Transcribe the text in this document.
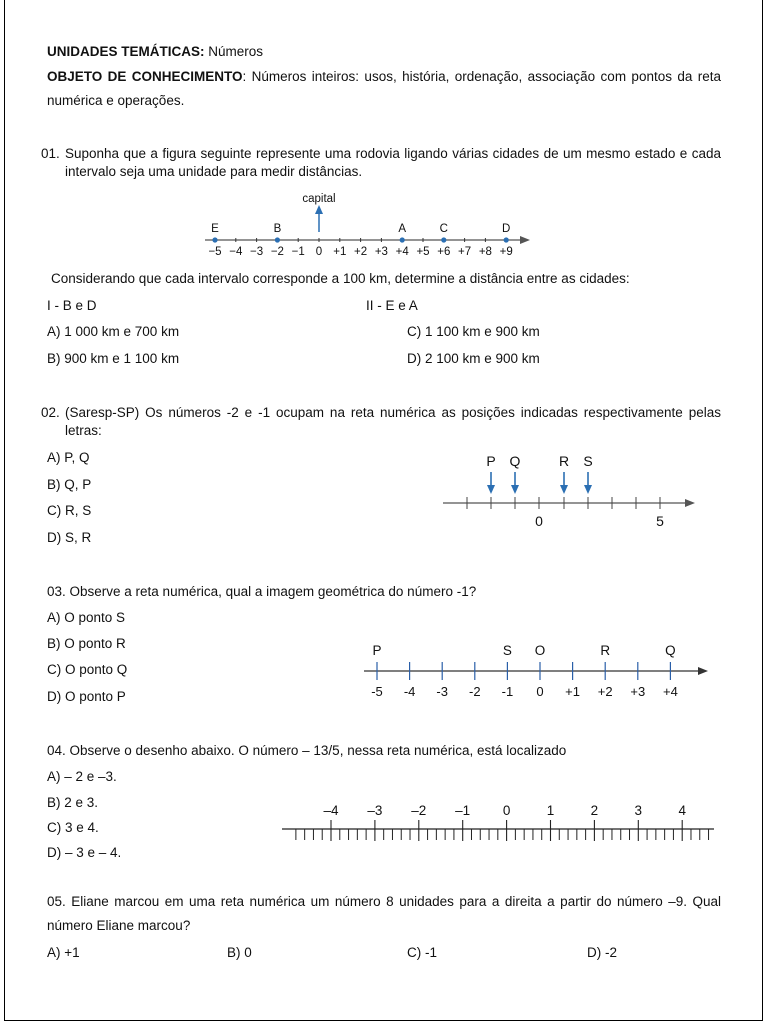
UNIDADES TEMÁTICAS: Números
OBJETO DE CONHECIMENTO: Números inteiros: usos, história, ordenação, associação com pontos da reta numérica e operações.
01. Suponha que a figura seguinte represente uma rodovia ligando várias cidades de um mesmo estado e cada intervalo seja uma unidade para medir distâncias.
−5 −4 −3 −2 −1 0 +1 +2 +3 +4 +5 +6 +7 +8 +9
E	B	A	C	D
capital
P Q	R S
0	5
-5 -4 -3 -2 -1 0 +1 +2 +3 +4
P	S O	R	Q
–4 –3 –2 –1 0	1	2	3	4
Considerando que cada intervalo corresponde a 100 km, determine a distância entre as cidades:
I - B e D	II - E e A
A) 1 000 km e 700 km	C) 1 100 km e 900 km
B) 900 km e 1 100 km	D) 2 100 km e 900 km
02. (Saresp-SP) Os números -2 e -1 ocupam na reta numérica as posições indicadas respectivamente pelas letras:
A) P, Q
B) Q, P
C) R, S
D) S, R
03. Observe a reta numérica, qual a imagem geométrica do número -1?
A) O ponto S
B) O ponto R
C) O ponto Q
D) O ponto P
04. Observe o desenho abaixo. O número – 13/5, nessa reta numérica, está localizado
A) – 2 e –3.
B) 2 e 3.
C) 3 e 4.
D) – 3 e – 4.
05. Eliane marcou em uma reta numérica um número 8 unidades para a direita a partir do número –9. Qual número Eliane marcou?
A) +1	B) 0	C) -1	D) -2
